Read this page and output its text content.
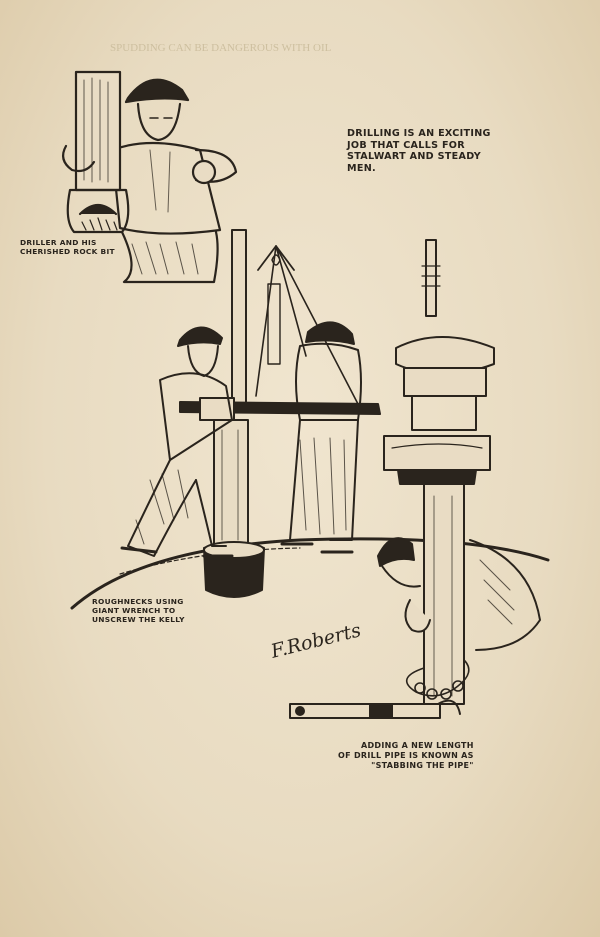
SPUDDING CAN BE DANGEROUS WITH OIL

DRILLING IS AN EXCITING
JOB THAT CALLS FOR
STALWART AND STEADY
MEN.

DRILLER AND HIS
CHERISHED ROCK BIT

ROUGHNECKS USING
GIANT WRENCH TO
UNSCREW THE KELLY

ADDING A NEW LENGTH
OF DRILL PIPE IS KNOWN AS
"STABBING THE PIPE"

F.Roberts
